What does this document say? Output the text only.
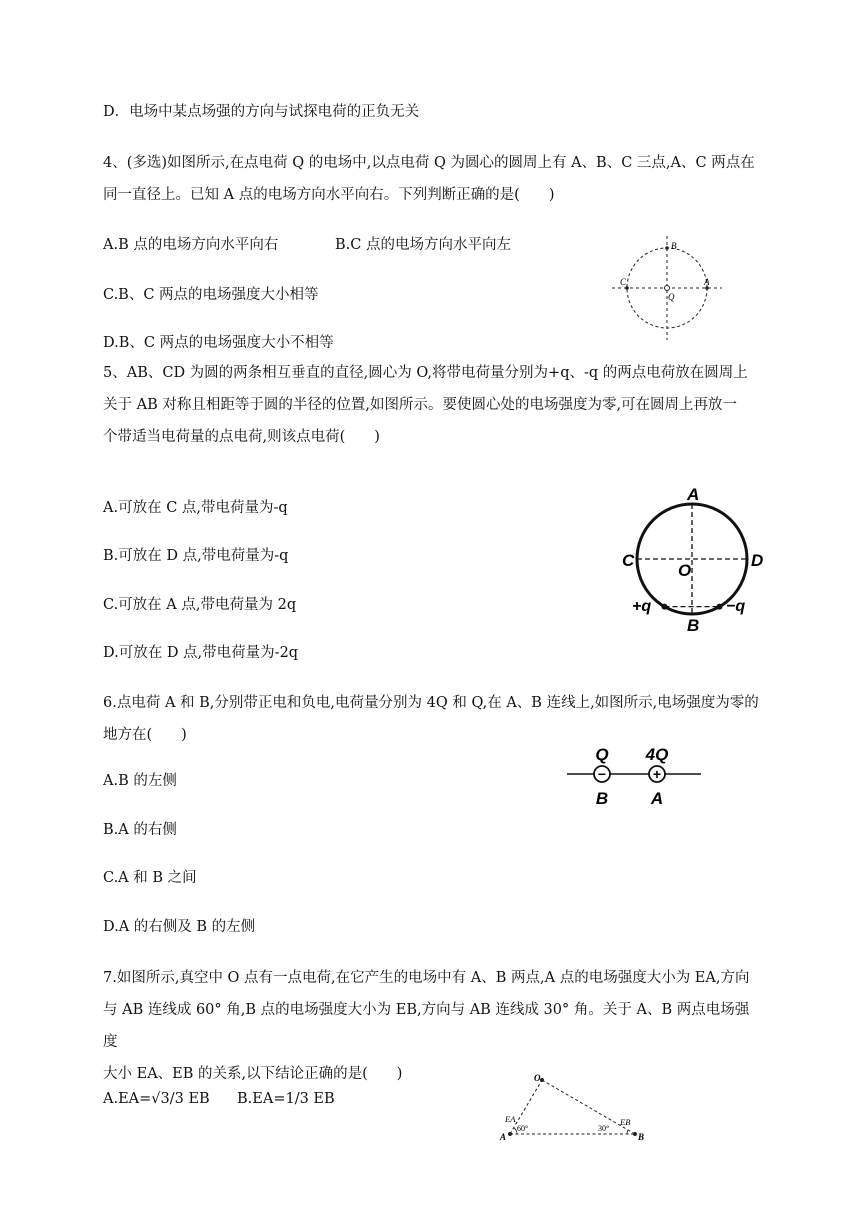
D．电场中某点场强的方向与试探电荷的正负无关
4、(多选)如图所示,在点电荷 Q 的电场中,以点电荷 Q 为圆心的圆周上有 A、B、C 三点,A、C 两点在
同一直径上。已知 A 点的电场方向水平向右。下列判断正确的是(　　)
A.B 点的电场方向水平向右	B.C 点的电场方向水平向左
C.B、C 两点的电场强度大小相等
D.B、C 两点的电场强度大小不相等
B
C
Q
A
5、AB、CD 为圆的两条相互垂直的直径,圆心为 O,将带电荷量分别为+q、-q 的两点电荷放在圆周上
关于 AB 对称且相距等于圆的半径的位置,如图所示。要使圆心处的电场强度为零,可在圆周上再放一
个带适当电荷量的点电荷,则该点电荷(　　)
A.可放在 C 点,带电荷量为-q
B.可放在 D 点,带电荷量为-q
C.可放在 A 点,带电荷量为 2q
D.可放在 D 点,带电荷量为-2q
A
C	D
O
+q	−q
B
6.点电荷 A 和 B,分别带正电和负电,电荷量分别为 4Q 和 Q,在 A、B 连线上,如图所示,电场强度为零的
地方在(　　)
A.B 的左侧
B.A 的右侧
C.A 和 B 之间
D.A 的右侧及 B 的左侧
−	+
Q 4Q
B	A
7.如图所示,真空中 O 点有一点电荷,在它产生的电场中有 A、B 两点,A 点的电场强度大小为 EA,方向
与 AB 连线成 60° 角,B 点的电场强度大小为 EB,方向与 AB 连线成 30° 角。关于 A、B 两点电场强度
大小 EA、EB 的关系,以下结论正确的是(　　)
A.EA=√3/3 EB B.EA=1/3 EB
O
A	B
EA	EB
60°	30°
